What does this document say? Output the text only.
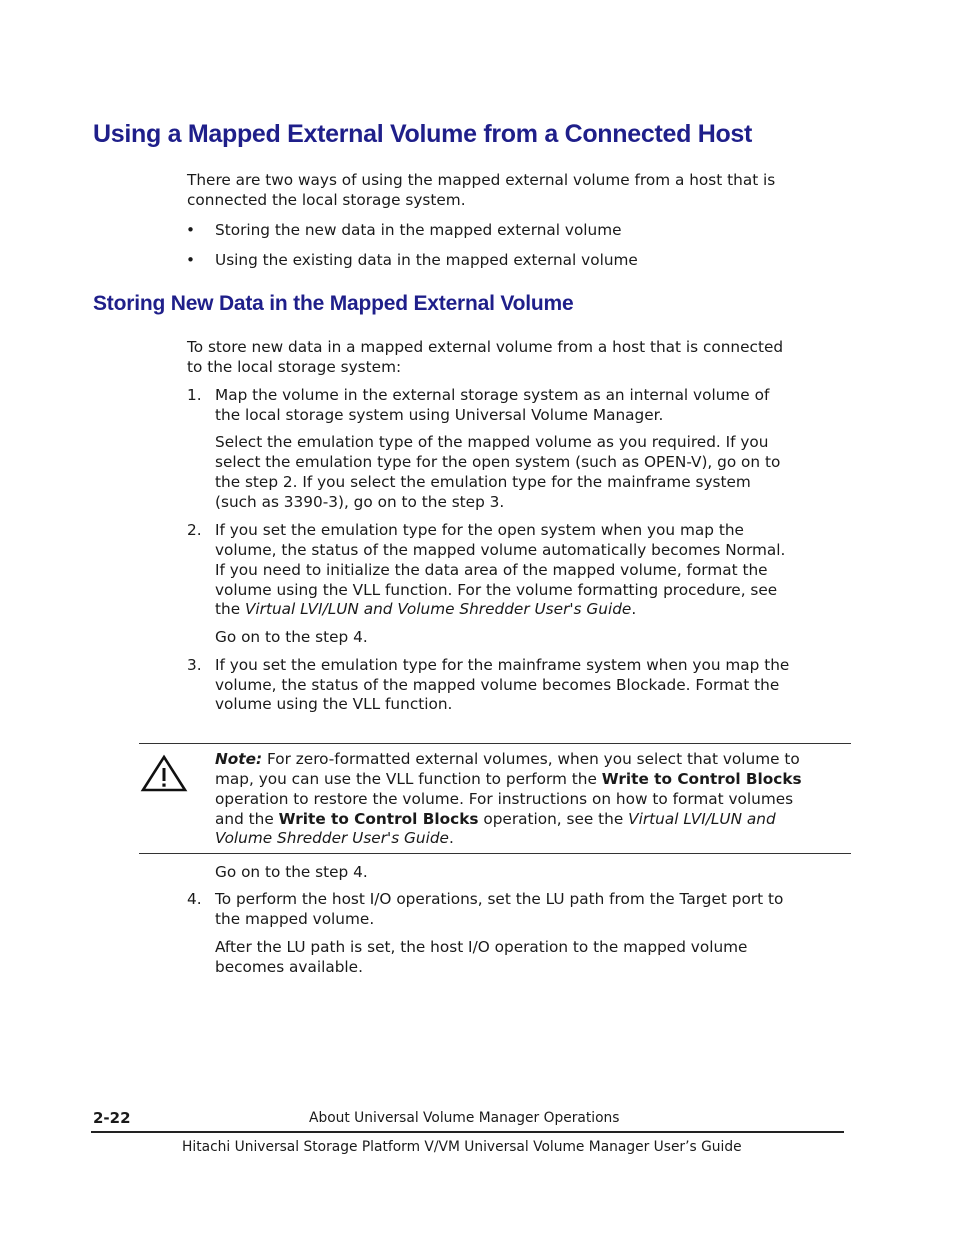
Using a Mapped External Volume from a Connected Host
There are two ways of using the mapped external volume from a host that is
connected the local storage system.
• Storing the new data in the mapped external volume
• Using the existing data in the mapped external volume
Storing New Data in the Mapped External Volume
To store new data in a mapped external volume from a host that is connected
to the local storage system:
1. Map the volume in the external storage system as an internal volume of
the local storage system using Universal Volume Manager.
Select the emulation type of the mapped volume as you required. If you
select the emulation type for the open system (such as OPEN-V), go on to
the step 2. If you select the emulation type for the mainframe system
(such as 3390-3), go on to the step 3.
2. If you set the emulation type for the open system when you map the
volume, the status of the mapped volume automatically becomes Normal.
If you need to initialize the data area of the mapped volume, format the
volume using the VLL function. For the volume formatting procedure, see
the Virtual LVI/LUN and Volume Shredder User's Guide.
Go on to the step 4.
3. If you set the emulation type for the mainframe system when you map the
volume, the status of the mapped volume becomes Blockade. Format the
volume using the VLL function.
Note: For zero-formatted external volumes, when you select that volume to
map, you can use the VLL function to perform the Write to Control Blocks
operation to restore the volume. For instructions on how to format volumes
and the Write to Control Blocks operation, see the Virtual LVI/LUN and
Volume Shredder User's Guide.
Go on to the step 4.
4. To perform the host I/O operations, set the LU path from the Target port to
the mapped volume.
After the LU path is set, the host I/O operation to the mapped volume
becomes available.
2-22	About Universal Volume Manager Operations
Hitachi Universal Storage Platform V/VM Universal Volume Manager User’s Guide
